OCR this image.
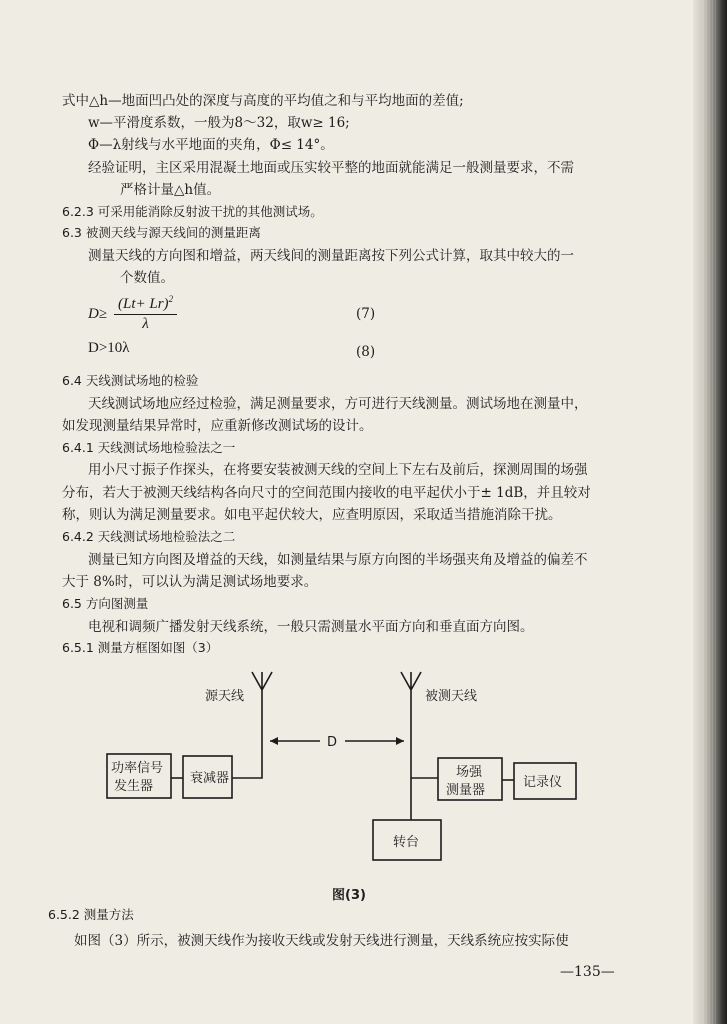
式中△h—地面凹凸处的深度与高度的平均值之和与平均地面的差值;
w—平滑度系数，一般为8～32，取w≥ 16;
Φ—λ射线与水平地面的夹角，Φ≤ 14°。
经验证明，主区采用混凝土地面或压实较平整的地面就能满足一般测量要求，不需
严格计量△h值。
6.2.3 可采用能消除反射波干扰的其他测试场。
6.3 被测天线与源天线间的测量距离
测量天线的方向图和增益，两天线间的测量距离按下列公式计算，取其中较大的一
个数值。
$D\ge \frac{(Lt+ Lr)^2}{\lambda}$	(7)
D>10λ	(8)
6.4 天线测试场地的检验
天线测试场地应经过检验，满足测量要求，方可进行天线测量。测试场地在测量中，
如发现测量结果异常时，应重新修改测试场的设计。
6.4.1 天线测试场地检验法之一
用小尺寸振子作探头，在将要安装被测天线的空间上下左右及前后，探测周围的场强
分布，若大于被测天线结构各向尺寸的空间范围内接收的电平起伏小于± 1dB，并且较对
称，则认为满足测量要求。如电平起伏较大，应查明原因，采取适当措施消除干扰。
6.4.2 天线测试场地检验法之二
测量已知方向图及增益的天线，如测量结果与原方向图的半场强夹角及增益的偏差不
大于 8%时，可以认为满足测试场地要求。
6.5 方向图测量
电视和调频广播发射天线系统，一般只需测量水平面方向和垂直面方向图。
6.5.1 测量方框图如图（3）
源天线	被测天线
D
功率信号
发生器
衰减器	场强
测量器
记录仪
转台
图(3)
6.5.2 测量方法
如图（3）所示，被测天线作为接收天线或发射天线进行测量，天线系统应按实际使
—135—
